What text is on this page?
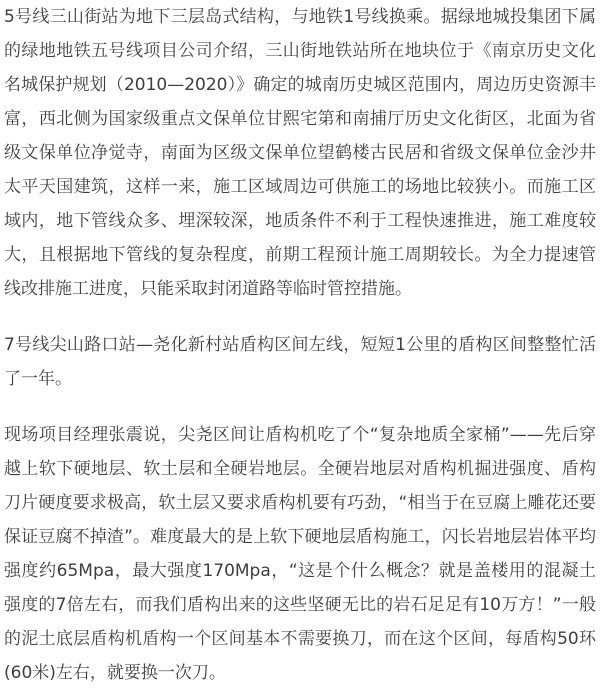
5号线三山街站为地下三层岛式结构，与地铁1号线换乘。据绿地城投集团下属的绿地地铁五号线项目公司介绍，三山街地铁站所在地块位于《南京历史文化名城保护规划（2010—2020）》确定的城南历史城区范围内，周边历史资源丰富，西北侧为国家级重点文保单位甘熙宅第和南捕厅历史文化街区，北面为省级文保单位净觉寺，南面为区级文保单位望鹤楼古民居和省级文保单位金沙井太平天国建筑，这样一来，施工区域周边可供施工的场地比较狭小。而施工区域内，地下管线众多、埋深较深，地质条件不利于工程快速推进，施工难度较大，且根据地下管线的复杂程度，前期工程预计施工周期较长。为全力提速管线改排施工进度，只能采取封闭道路等临时管控措施。

7号线尖山路口站—尧化新村站盾构区间左线，短短1公里的盾构区间整整忙活了一年。

现场项目经理张震说，尖尧区间让盾构机吃了个“复杂地质全家桶”——先后穿越上软下硬地层、软土层和全硬岩地层。全硬岩地层对盾构机掘进强度、盾构刀片硬度要求极高，软土层又要求盾构机要有巧劲，“相当于在豆腐上雕花还要保证豆腐不掉渣”。难度最大的是上软下硬地层盾构施工，闪长岩地层岩体平均强度约65Mpa，最大强度170Mpa，“这是个什么概念？就是盖楼用的混凝土强度的7倍左右，而我们盾构出来的这些坚硬无比的岩石足足有10万方！”一般的泥土底层盾构机盾构一个区间基本不需要换刀，而在这个区间，每盾构50环(60米)左右，就要换一次刀。
